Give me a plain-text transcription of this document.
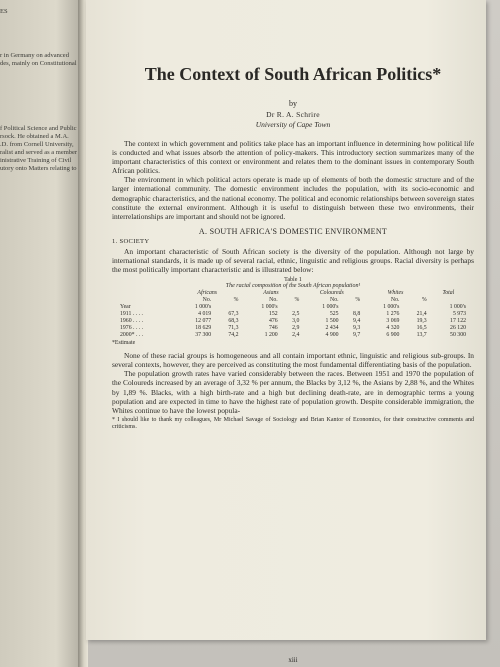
ES
r in Germany on advanced
des, mainly on Constitutional
f Political Science and Public
rsock. He obtained a M.A.
.D. from Cornell University,
ralist and served as a member
inistrative Training of Civil
utory onto Matters relating to
The Context of South African Politics*
by
Dr R. A. Schrire
University of Cape Town

The context in which government and politics take place has an important influence in determining how political life is conducted and what issues absorb the attention of policy-makers. This introductory section summarizes many of the important characteristics of this context or environment and relates them to the dominant issues in contemporary South African politics.

The environment in which political actors operate is made up of elements of both the domestic structure and of the larger international community. The domestic environment includes the population, with its socio-economic and demographic characteristics, and the national economy. The political and economic relationships between sovereign states constitute the external environment. Although it is useful to distinguish between these two environments, their interrelationships are important and should not be ignored.

A. SOUTH AFRICA'S DOMESTIC ENVIRONMENT
1. SOCIETY

An important characteristic of South African society is the diversity of the population. Although not large by international standards, it is made up of several racial, ethnic, linguistic and religious groups. Racial diversity is perhaps the most politically important characteristic and is illustrated below:

Table 1
The racial composition of the South African population¹
	Africans		Asians		Coloureds		Whites		Total
	No.	%	No.	%	No.	%	No.	%	
Year	1 000's		1 000's		1 000's		1 000's		1 000's
1911 . . . .	4 019	67,3	152	2,5	525	8,8	1 276	21,4	5 973
1960 . . . .	12 077	68,3	476	3,0	1 500	9,4	3 069	19,3	17 122
1976 . . . .	18 629	71,3	746	2,9	2 434	9,3	4 320	16,5	26 120
2000* . . .	37 300	74,2	1 200	2,4	4 900	9,7	6 900	13,7	50 300
*Estimate

None of these racial groups is homogeneous and all contain important ethnic, linguistic and religious sub-groups. In several contexts, however, they are perceived as constituting the most fundamental differentiating basis of the population.

The population growth rates have varied considerably between the races. Between 1951 and 1970 the population of the Coloureds increased by an average of 3,32 % per annum, the Blacks by 3,12 %, the Asians by 2,88 %, and the Whites by 1,89 %. Blacks, with a high birth-rate and a high but declining death-rate, are in demographic terms a young population and are expected in time to have the highest rate of population growth. Despite considerable immigration, the Whites continue to have the lowest popula-

* I should like to thank my colleagues, Mr Michael Savage of Sociology and Brian Kantor of Economics, for their constructive comments and criticisms.
xiii
